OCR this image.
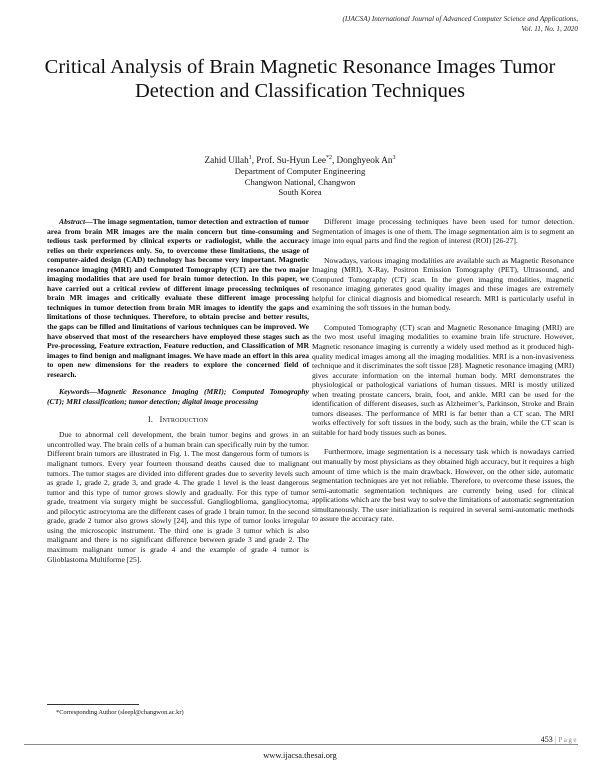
(IJACSA) International Journal of Advanced Computer Science and Applications,
Vol. 11, No. 1, 2020
Critical Analysis of Brain Magnetic Resonance Images Tumor Detection and Classification Techniques
Zahid Ullah$^1$, Prof. Su-Hyun Lee$^{*2}$, Donghyeok An$^3$
Department of Computer Engineering
Changwon National, Changwon
South Korea

Abstract—The image segmentation, tumor detection and extraction of tumor area from brain MR images are the main concern but time-consuming and tedious task performed by clinical experts or radiologist, while the accuracy relies on their experiences only. So, to overcome these limitations, the usage of computer-aided design (CAD) technology has become very important. Magnetic resonance imaging (MRI) and Computed Tomography (CT) are the two major imaging modalities that are used for brain tumor detection. In this paper, we have carried out a critical review of different image processing techniques of brain MR images and critically evaluate these different image processing techniques in tumor detection from brain MR images to identify the gaps and limitations of those techniques. Therefore, to obtain precise and better results, the gaps can be filled and limitations of various techniques can be improved. We have observed that most of the researchers have employed these stages such as Pre-processing, Feature extraction, Feature reduction, and Classification of MR images to find benign and malignant images. We have made an effort in this area to open new dimensions for the readers to explore the concerned field of research.

Keywords—Magnetic Resonance Imaging (MRI); Computed Tomography (CT); MRI classification; tumor detection; digital image processing

I. Introduction

Due to abnormal cell development, the brain tumor begins and grows in an uncontrolled way. The brain cells of a human brain can specifically ruin by the tumor. Different brain tumors are illustrated in Fig. 1. The most dangerous form of tumors is malignant tumors. Every year fourteen thousand deaths caused due to malignant tumors. The tumor stages are divided into different grades due to severity levels such as grade 1, grade 2, grade 3, and grade 4. The grade 1 level is the least dangerous tumor and this type of tumor grows slowly and gradually. For this type of tumor grade, treatment via surgery might be successful. Gangliogblioma, gangliocytoma, and pilocytic astrocytoma are the different cases of grade 1 brain tumor. In the second grade, grade 2 tumor also grows slowly [24], and this type of tumor looks irregular using the microscopic instrument. The third one is grade 3 tumor which is also malignant and there is no significant difference between grade 3 and grade 2. The maximum malignant tumor is grade 4 and the example of grade 4 tumor is Glioblastoma Multiforme [25].

Different image processing techniques have been used for tumor detection. Segmentation of images is one of them. The image segmentation aim is to segment an image into equal parts and find the region of interest (ROI) [26-27].

Nowadays, various imaging modalities are available such as Magnetic Resonance Imaging (MRI), X-Ray, Positron Emission Tomography (PET), Ultrasound, and Computed Tomography (CT) scan. In the given imaging modalities, magnetic resonance imaging generates good quality images and these images are extremely helpful for clinical diagnosis and biomedical research. MRI is particularly useful in examining the soft tissues in the human body.

Computed Tomography (CT) scan and Magnetic Resonance Imaging (MRI) are the two most useful imaging modalities to examine brain life structure. However, Magnetic resonance imaging is currently a widely used method as it produced high-quality medical images among all the imaging modalities. MRI is a non-invasiveness technique and it discriminates the soft tissue [28]. Magnetic resonance imaging (MRI) gives accurate information on the internal human body. MRI demonstrates the physiological or pathological variations of human tissues. MRI is mostly utilized when treating prostate cancers, brain, foot, and ankle. MRI can be used for the identification of different diseases, such as Alzheimer’s, Parkinson, Stroke and Brain tumors diseases. The performance of MRI is far better than a CT scan. The MRI works effectively for soft tissues in the body, such as the brain, while the CT scan is suitable for hard body tissues such as bones.

Furthermore, image segmentation is a necessary task which is nowadays carried out manually by most physicians as they obtained high accuracy, but it requires a high amount of time which is the main drawback. However, on the other side, automatic segmentation techniques are yet not reliable. Therefore, to overcome these issues, the semi-automatic segmentation techniques are currently being used for clinical applications which are the best way to solve the limitations of automatic segmentation simultaneously. The user initialization is required in several semi-automatic methods to assure the accuracy rate.

*Corresponding Author (sleepl@changwon.ac.kr)
453 | Page
www.ijacsa.thesai.org
